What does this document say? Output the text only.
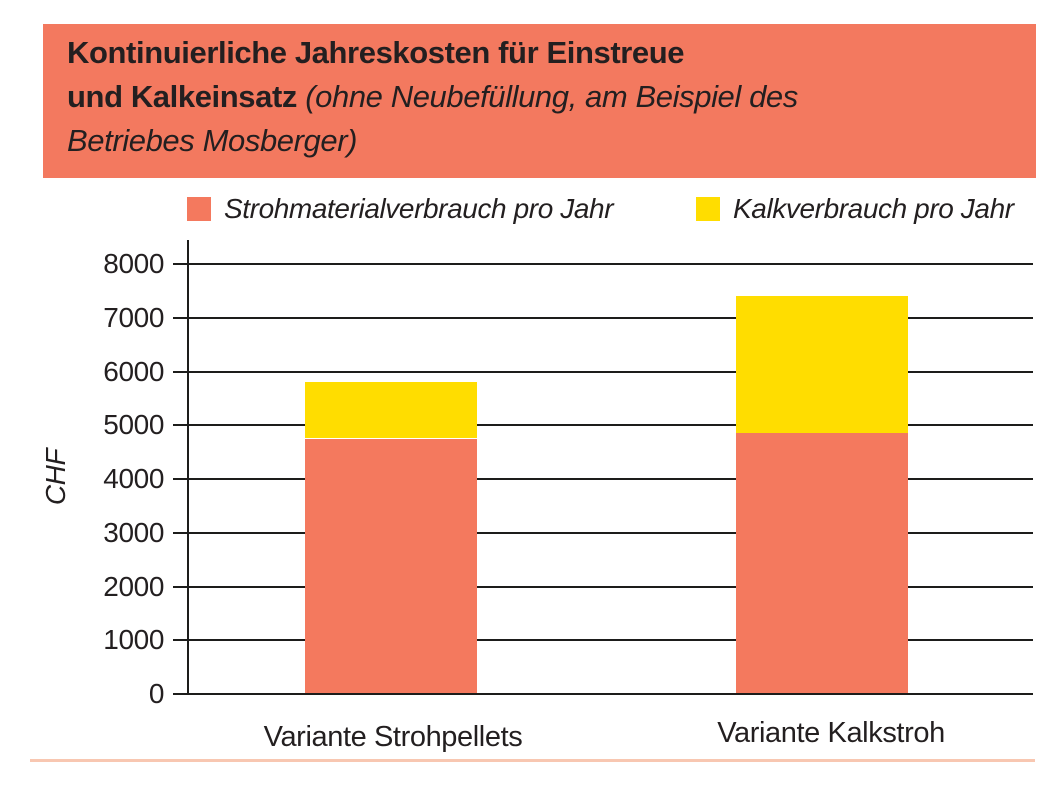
Kontinuierliche Jahreskosten für Einstreue
und Kalkeinsatz (ohne Neubefüllung, am Beispiel des
Betriebes Mosberger)
Strohmaterialverbrauch pro Jahr	Kalkverbrauch pro Jahr
CHF
0
1000
2000
3000
4000
5000
6000
7000
8000
Variante Strohpellets	Variante Kalkstroh
